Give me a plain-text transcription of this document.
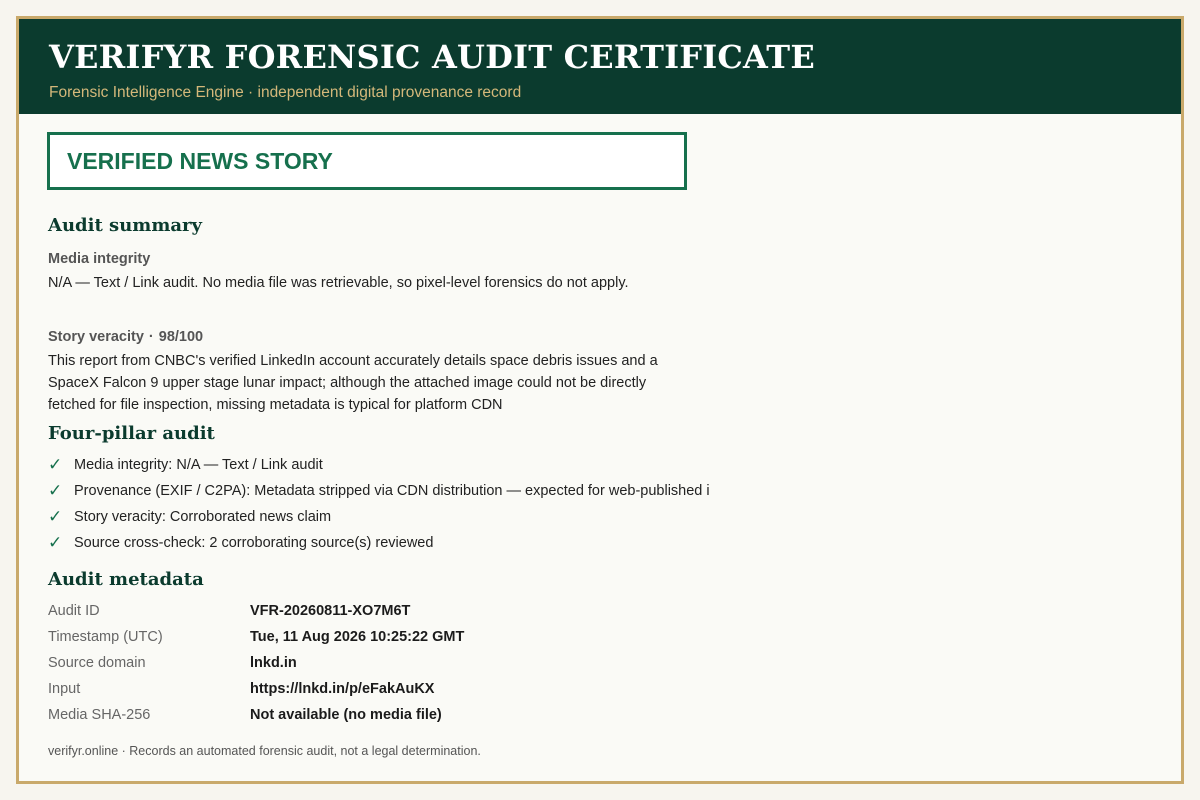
VERIFYR FORENSIC AUDIT CERTIFICATE
Forensic Intelligence Engine · independent digital provenance record
VERIFIED NEWS STORY
Audit summary
Media integrity
N/A — Text / Link audit. No media file was retrievable, so pixel-level forensics do not apply.
Story veracity · 98/100
This report from CNBC's verified LinkedIn account accurately details space debris issues and a SpaceX Falcon 9 upper stage lunar impact; although the attached image could not be directly fetched for file inspection, missing metadata is typical for platform CDN
Four-pillar audit
✓ Media integrity: N/A — Text / Link audit
✓ Provenance (EXIF / C2PA): Metadata stripped via CDN distribution — expected for web-published i
✓ Story veracity: Corroborated news claim
✓ Source cross-check: 2 corroborating source(s) reviewed
Audit metadata
Audit ID	VFR-20260811-XO7M6T
Timestamp (UTC)	Tue, 11 Aug 2026 10:25:22 GMT
Source domain	lnkd.in
Input	https://lnkd.in/p/eFakAuKX
Media SHA-256	Not available (no media file)
verifyr.online · Records an automated forensic audit, not a legal determination.
